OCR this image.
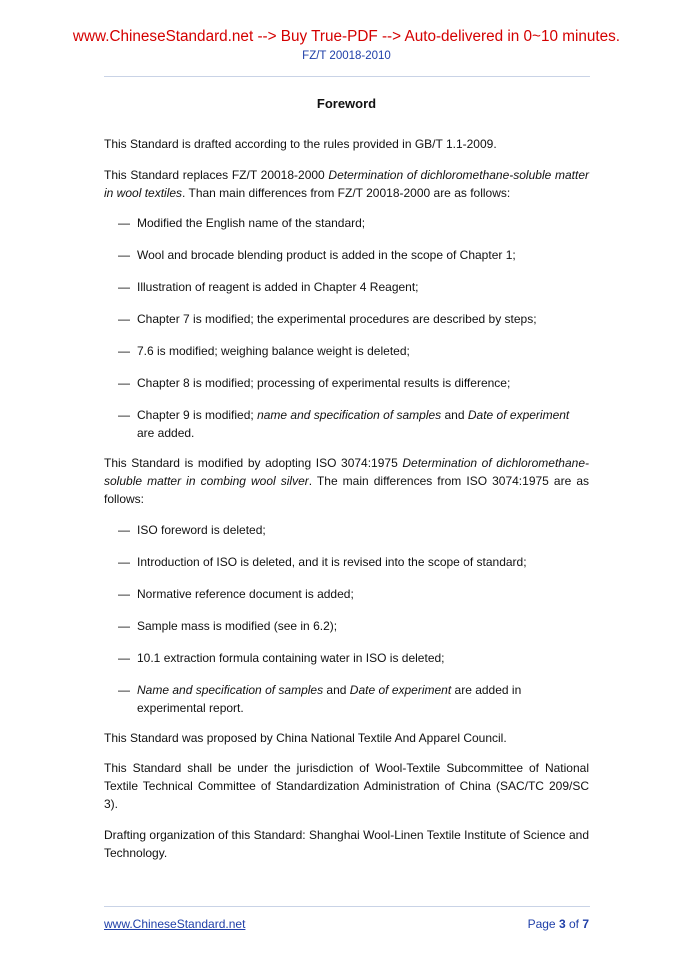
www.ChineseStandard.net --> Buy True-PDF --> Auto-delivered in 0~10 minutes.
FZ/T 20018-2010
Foreword

This Standard is drafted according to the rules provided in GB/T 1.1-2009.

This Standard replaces FZ/T 20018-2000 Determination of dichloromethane-soluble matter in wool textiles. Than main differences from FZ/T 20018-2000 are as follows:

— Modified the English name of the standard;
— Wool and brocade blending product is added in the scope of Chapter 1;
— Illustration of reagent is added in Chapter 4 Reagent;
— Chapter 7 is modified; the experimental procedures are described by steps;
— 7.6 is modified; weighing balance weight is deleted;
— Chapter 8 is modified; processing of experimental results is difference;
— Chapter 9 is modified; name and specification of samples and Date of experiment are added.

This Standard is modified by adopting ISO 3074:1975 Determination of dichloromethane-soluble matter in combing wool silver. The main differences from ISO 3074:1975 are as follows:

— ISO foreword is deleted;
— Introduction of ISO is deleted, and it is revised into the scope of standard;
— Normative reference document is added;
— Sample mass is modified (see in 6.2);
— 10.1 extraction formula containing water in ISO is deleted;
— Name and specification of samples and Date of experiment are added in experimental report.

This Standard was proposed by China National Textile And Apparel Council.

This Standard shall be under the jurisdiction of Wool-Textile Subcommittee of National Textile Technical Committee of Standardization Administration of China (SAC/TC 209/SC 3).

Drafting organization of this Standard: Shanghai Wool-Linen Textile Institute of Science and Technology.

www.ChineseStandard.net	Page 3 of 7
